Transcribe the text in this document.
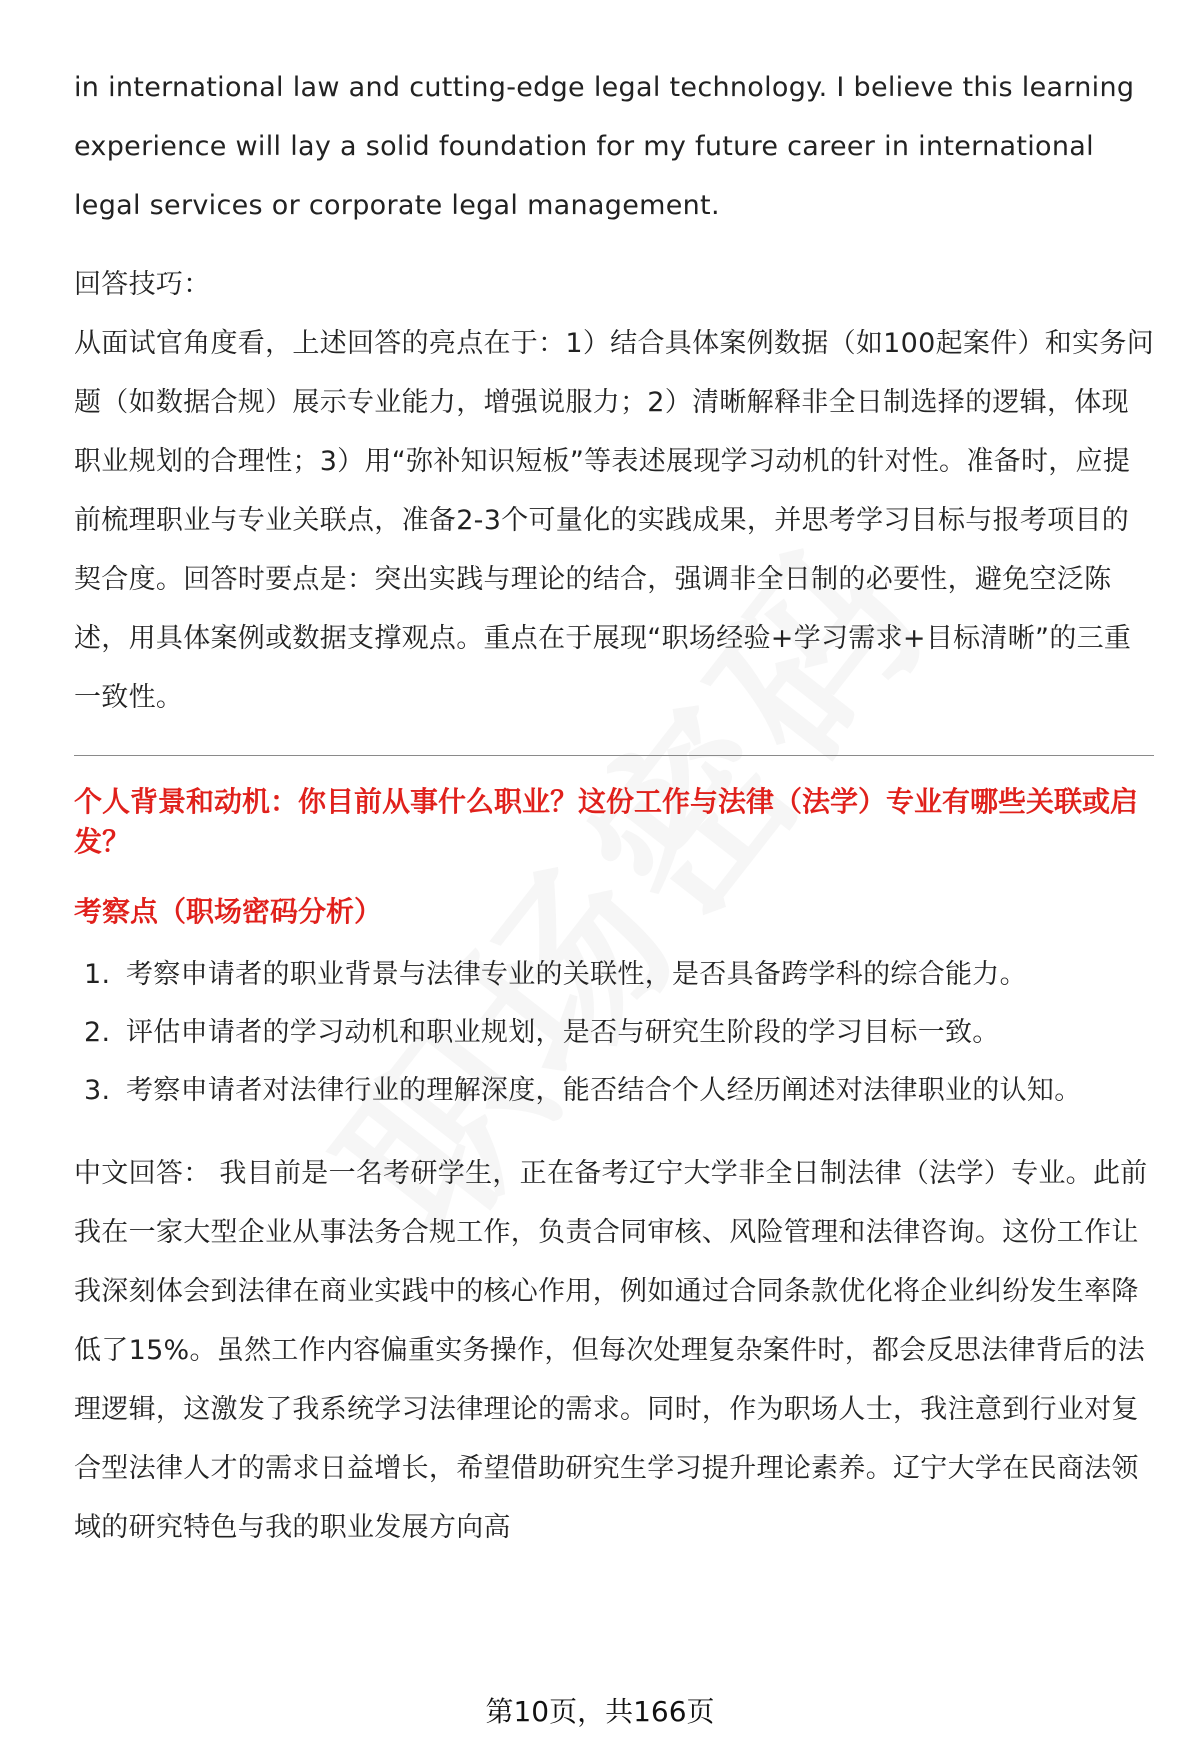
in international law and cutting-edge legal technology. I believe this learning experience will lay a solid foundation for my future career in international legal services or corporate legal management.

回答技巧：

从面试官角度看，上述回答的亮点在于：1）结合具体案例数据（如100起案件）和实务问题（如数据合规）展示专业能力，增强说服力；2）清晰解释非全日制选择的逻辑，体现职业规划的合理性；3）用“弥补知识短板”等表述展现学习动机的针对性。准备时，应提前梳理职业与专业关联点，准备2-3个可量化的实践成果，并思考学习目标与报考项目的契合度。回答时要点是：突出实践与理论的结合，强调非全日制的必要性，避免空泛陈述，用具体案例或数据支撑观点。重点在于展现“职场经验+学习需求+目标清晰”的三重一致性。

个人背景和动机：你目前从事什么职业？这份工作与法律（法学）专业有哪些关联或启发？
考察点（职场密码分析）
1. 考察申请者的职业背景与法律专业的关联性，是否具备跨学科的综合能力。
2. 评估申请者的学习动机和职业规划，是否与研究生阶段的学习目标一致。
3. 考察申请者对法律行业的理解深度，能否结合个人经历阐述对法律职业的认知。

中文回答： 我目前是一名考研学生，正在备考辽宁大学非全日制法律（法学）专业。此前我在一家大型企业从事法务合规工作，负责合同审核、风险管理和法律咨询。这份工作让我深刻体会到法律在商业实践中的核心作用，例如通过合同条款优化将企业纠纷发生率降低了15%。虽然工作内容偏重实务操作，但每次处理复杂案件时，都会反思法律背后的法理逻辑，这激发了我系统学习法律理论的需求。同时，作为职场人士，我注意到行业对复合型法律人才的需求日益增长，希望借助研究生学习提升理论素养。辽宁大学在民商法领域的研究特色与我的职业发展方向高

第10页，共166页
